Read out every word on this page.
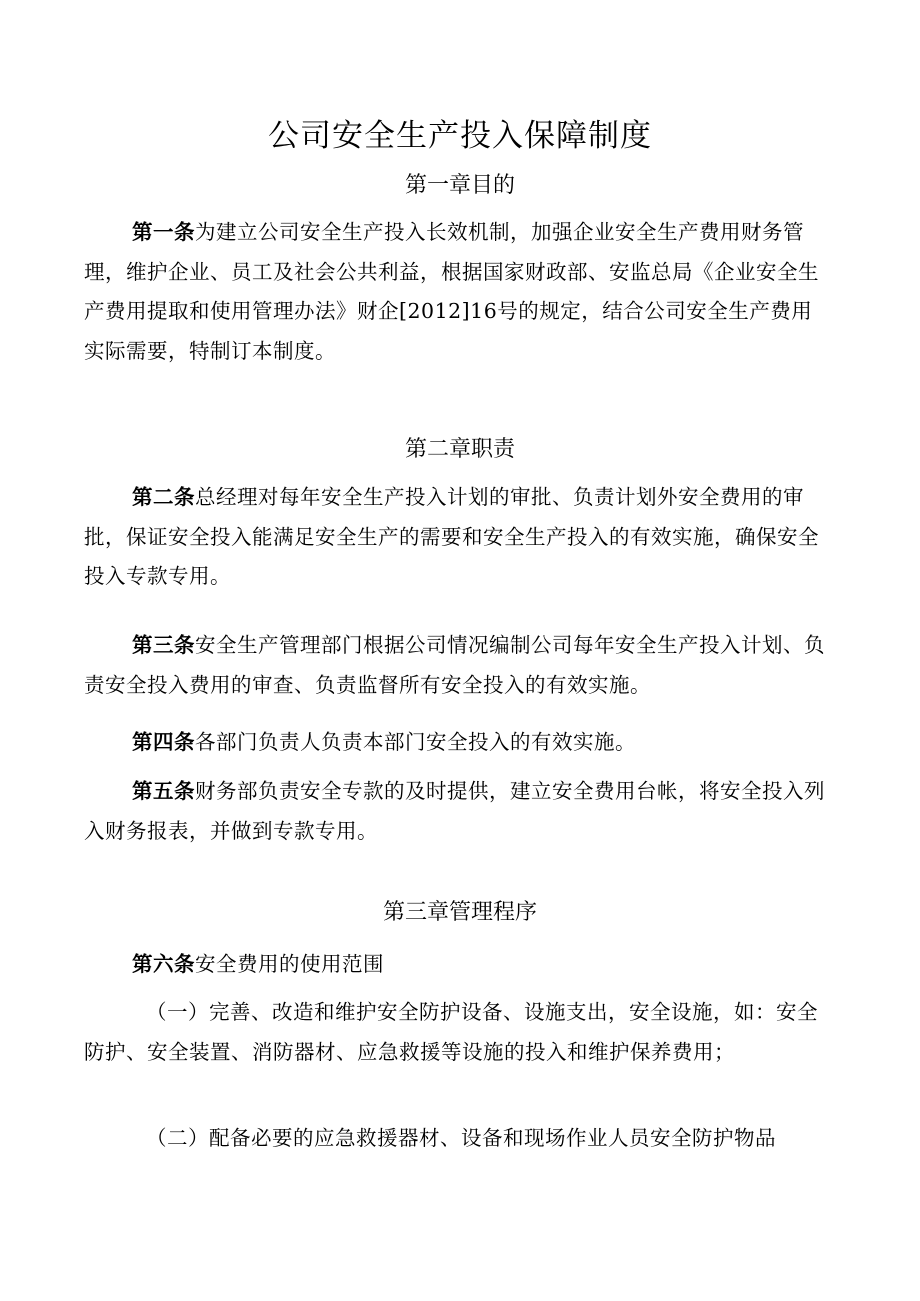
公司安全生产投入保障制度
第一章目的

第一条为建立公司安全生产投入长效机制，加强企业安全生产费用财务管理，维护企业、员工及社会公共利益，根据国家财政部、安监总局《企业安全生产费用提取和使用管理办法》财企[2012]16号的规定，结合公司安全生产费用实际需要，特制订本制度。

第二章职责

第二条总经理对每年安全生产投入计划的审批、负责计划外安全费用的审批，保证安全投入能满足安全生产的需要和安全生产投入的有效实施，确保安全投入专款专用。

第三条安全生产管理部门根据公司情况编制公司每年安全生产投入计划、负责安全投入费用的审查、负责监督所有安全投入的有效实施。

第四条各部门负责人负责本部门安全投入的有效实施。

第五条财务部负责安全专款的及时提供，建立安全费用台帐，将安全投入列入财务报表，并做到专款专用。

第三章管理程序

第六条安全费用的使用范围

（一）完善、改造和维护安全防护设备、设施支出，安全设施，如：安全防护、安全装置、消防器材、应急救援等设施的投入和维护保养费用；

（二）配备必要的应急救援器材、设备和现场作业人员安全防护物品
